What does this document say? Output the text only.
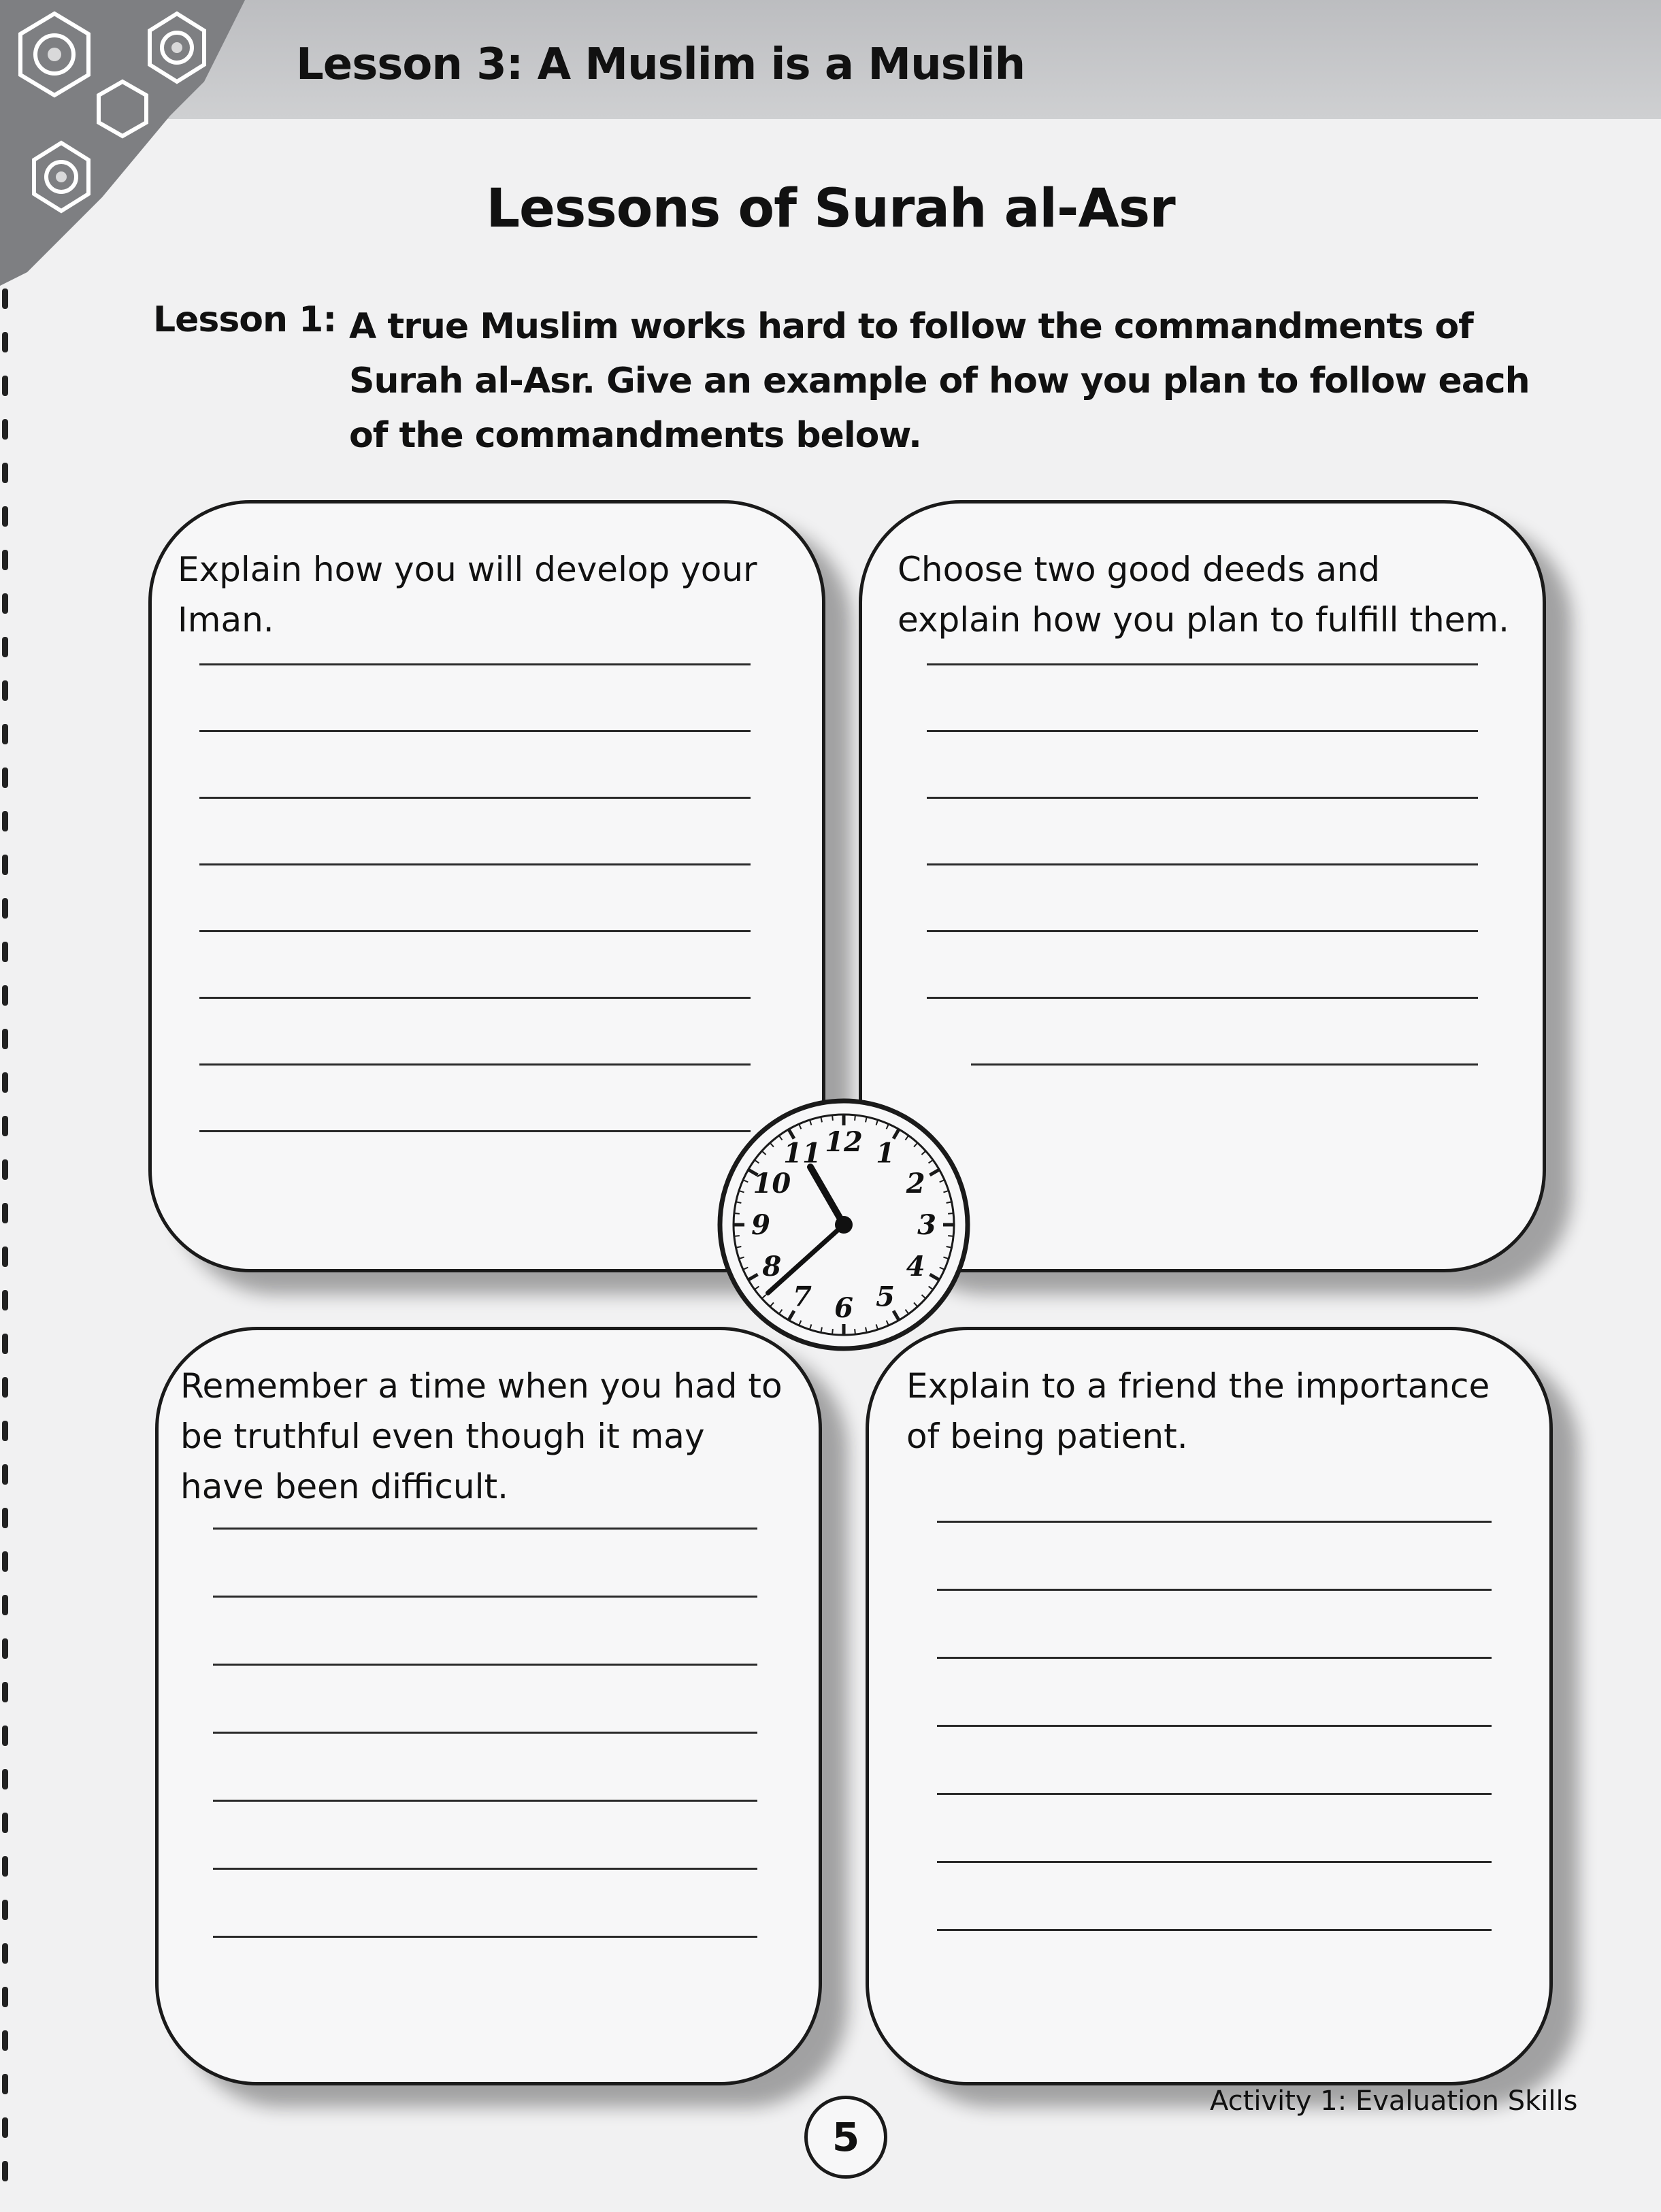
Lesson 3: A Muslim is a Muslih
Lessons of Surah al-Asr
Lesson 1: A true Muslim works hard to follow the commandments of Surah al-Asr. Give an example of how you plan to follow each of the commandments below.
Explain how you will develop your Iman.
Choose two good deeds and explain how you plan to fulfill them.
Remember a time when you had to be truthful even though it may have been difficult.
Explain to a friend the importance of being patient.
12 1
2
3
4
5
6
7
8
9
10
11
Activity 1: Evaluation Skills
5
